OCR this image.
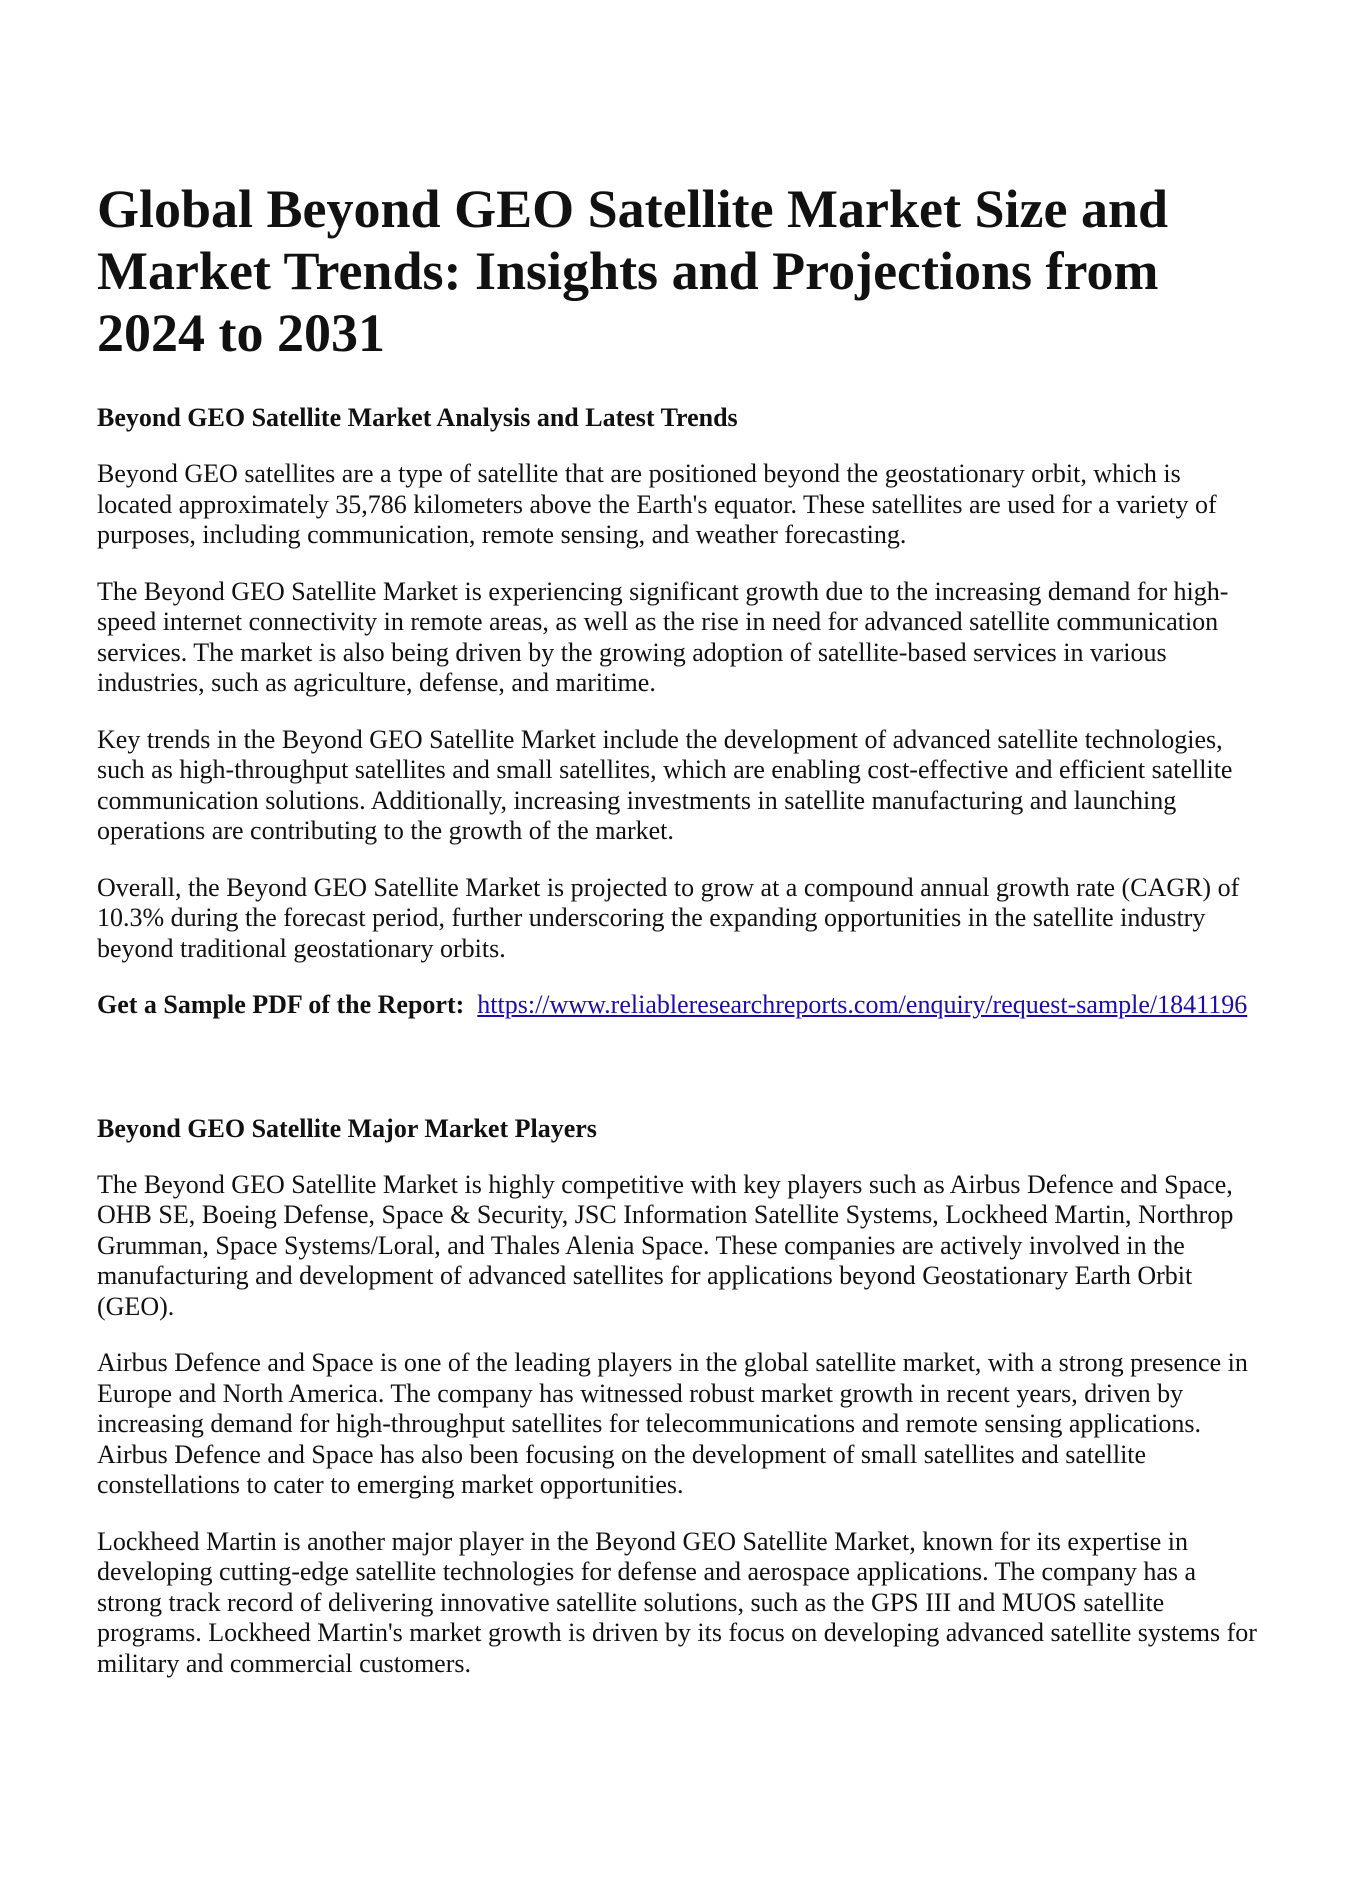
Global Beyond GEO Satellite Market Size and Market Trends: Insights and Projections from 2024 to 2031
Beyond GEO Satellite Market Analysis and Latest Trends

Beyond GEO satellites are a type of satellite that are positioned beyond the geostationary orbit, which is located approximately 35,786 kilometers above the Earth's equator. These satellites are used for a variety of purposes, including communication, remote sensing, and weather forecasting.

The Beyond GEO Satellite Market is experiencing significant growth due to the increasing demand for high-speed internet connectivity in remote areas, as well as the rise in need for advanced satellite communication services. The market is also being driven by the growing adoption of satellite-based services in various industries, such as agriculture, defense, and maritime.

Key trends in the Beyond GEO Satellite Market include the development of advanced satellite technologies, such as high-throughput satellites and small satellites, which are enabling cost-effective and efficient satellite communication solutions. Additionally, increasing investments in satellite manufacturing and launching operations are contributing to the growth of the market.

Overall, the Beyond GEO Satellite Market is projected to grow at a compound annual growth rate (CAGR) of 10.3% during the forecast period, further underscoring the expanding opportunities in the satellite industry beyond traditional geostationary orbits.

Get a Sample PDF of the Report: https://www.reliableresearchreports.com/enquiry/request-sample/1841196

Beyond GEO Satellite Major Market Players

The Beyond GEO Satellite Market is highly competitive with key players such as Airbus Defence and Space, OHB SE, Boeing Defense, Space & Security, JSC Information Satellite Systems, Lockheed Martin, Northrop Grumman, Space Systems/Loral, and Thales Alenia Space. These companies are actively involved in the manufacturing and development of advanced satellites for applications beyond Geostationary Earth Orbit (GEO).

Airbus Defence and Space is one of the leading players in the global satellite market, with a strong presence in Europe and North America. The company has witnessed robust market growth in recent years, driven by increasing demand for high-throughput satellites for telecommunications and remote sensing applications. Airbus Defence and Space has also been focusing on the development of small satellites and satellite constellations to cater to emerging market opportunities.

Lockheed Martin is another major player in the Beyond GEO Satellite Market, known for its expertise in developing cutting-edge satellite technologies for defense and aerospace applications. The company has a strong track record of delivering innovative satellite solutions, such as the GPS III and MUOS satellite programs. Lockheed Martin's market growth is driven by its focus on developing advanced satellite systems for military and commercial customers.
